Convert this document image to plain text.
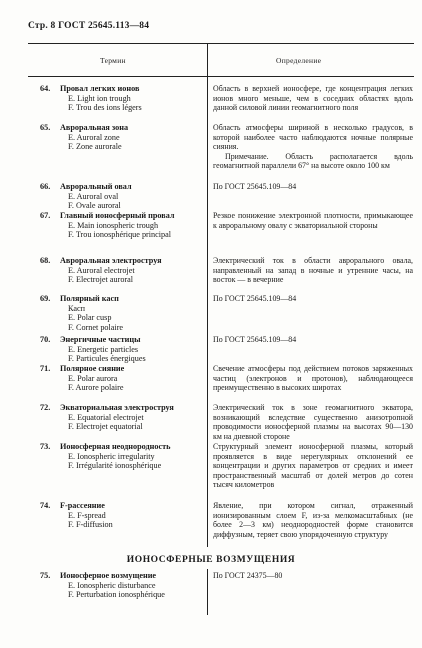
Стр. 8 ГОСТ 25645.113—84
Термин	Определение
64.	Провал легких ионов
E. Light ion trough
F. Trou des ions légers
Область в верхней ионосфере, где концентрация легких ионов много меньше, чем в соседних областях вдоль данной силовой линии геомагнитного поля
65.	Авроральная зона
E. Auroral zone
F. Zone aurorale
Область атмосферы шириной в несколько градусов, в которой наиболее часто наблюдаются ночные полярные сияния.
Примечание. Область располагается вдоль геомагнитной параллели 67° на высоте около 100 км
66.	Авроральный овал
E. Auroral oval
F. Ovale auroral
По ГОСТ 25645.109—84
67.	Главный ионосферный провал
E. Main ionospheric trough
F. Trou ionosphérique principal
Резкое понижение электронной плотности, примыкающее к авроральному овалу с экваториальной стороны
68.	Авроральная электроструя
E. Auroral electrojet
F. Electrojet auroral
Электрический ток в области аврорального овала, направленный на запад в ночные и утренние часы, на восток — в вечерние
69.	Полярный касп
Касп
E. Polar cusp
F. Cornet polaire
По ГОСТ 25645.109—84
70.	Энергичные частицы
E. Energetic particles
F. Particules énergiques
По ГОСТ 25645.109—84
71.	Полярное сияние
E. Polar aurora
F. Aurore polaire
Свечение атмосферы под действием потоков заряженных частиц (электронов и протонов), наблюдающееся преимущественно в высоких широтах
72.	Экваториальная электроструя
E. Equatorial electrojet
F. Electrojet equatorial
Электрический ток в зоне геомагнитного экватора, возникающий вследствие существенно анизотропной проводимости ионосферной плазмы на высотах 90—130 км на дневной стороне
73.	Ионосферная неоднородность
E. Ionospheric irregularity
F. Irrégularité ionosphérique
Структурный элемент ионосферной плазмы, который проявляется в виде нерегулярных отклонений ее концентрации и других параметров от средних и имеет пространственный масштаб от долей метров до сотен тысяч километров
74.	F-рассеяние
E. F-spread
F. F-diffusion
Явление, при котором сигнал, отраженный ионизированным слоем F, из-за мелкомасштабных (не более 2—3 км) неоднородностей форме становится диффузным, теряет свою упорядоченную структуру
ИОНОСФЕРНЫЕ ВОЗМУЩЕНИЯ
75.	Ионосферное возмущение
E. Ionospheric disturbance
F. Perturbation ionosphérique
По ГОСТ 24375—80
